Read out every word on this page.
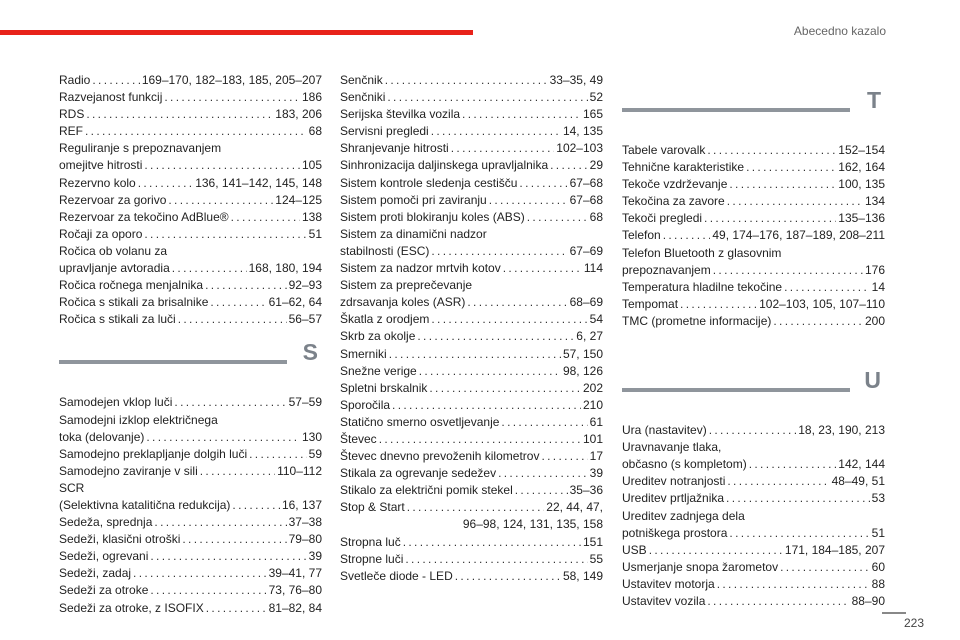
Abecedno kazalo
Radio . . .	169–170, 182–183, 185, 205–207
Razvejanost funkcij . . .	186
RDS . . .	183, 206
REF . . .	68
Reguliranje s prepoznavanjem
omejitve hitrosti . . .	105
Rezervno kolo . . .	136, 141–142, 145, 148
Rezervoar za gorivo . . .	124–125
Rezervoar za tekočino AdBlue® . . .	138
Ročaji za oporo . . .	51
Ročica ob volanu za
upravljanje avtoradia . . .	168, 180, 194
Ročica ročnega menjalnika . . .	92–93
Ročica s stikali za brisalnike . . .	61–62, 64
Ročica s stikali za luči . . .	56–57
S
Samodejen vklop luči . . .	57–59
Samodejni izklop električnega
toka (delovanje) . . .	130
Samodejno preklapljanje dolgih luči . . .	59
Samodejno zaviranje v sili . . .	110–112
SCR
(Selektivna katalitična redukcija) . . .	16, 137
Sedeža, sprednja . . .	37–38
Sedeži, klasični otroški . . .	79–80
Sedeži, ogrevani . . .	39
Sedeži, zadaj . . .	39–41, 77
Sedeži za otroke . . .	73, 76–80
Sedeži za otroke, z ISOFIX . . .	81–82, 84
Senčnik . . .	33–35, 49
Senčniki . . .	52
Serijska številka vozila . . .	165
Servisni pregledi . . .	14, 135
Shranjevanje hitrosti . . .	102–103
Sinhronizacija daljinskega upravljalnika . . .	29
Sistem kontrole sledenja cestišču . . .	67–68
Sistem pomoči pri zaviranju . . .	67–68
Sistem proti blokiranju koles (ABS) . . .	68
Sistem za dinamični nadzor
stabilnosti (ESC) . . .	67–69
Sistem za nadzor mrtvih kotov . . .	114
Sistem za preprečevanje
zdrsavanja koles (ASR) . . .	68–69
Škatla z orodjem . . .	54
Skrb za okolje . . .	6, 27
Smerniki . . .	57, 150
Snežne verige . . .	98, 126
Spletni brskalnik . . .	202
Sporočila . . .	210
Statično smerno osvetljevanje . . .	61
Števec . . .	101
Števec dnevno prevoženih kilometrov . . .	17
Stikala za ogrevanje sedežev . . .	39
Stikalo za električni pomik stekel . . .	35–36
Stop & Start . . .	22, 44, 47,
96–98, 124, 131, 135, 158
Stropna luč . . .	151
Stropne luči . . .	55
Svetleče diode - LED . . .	58, 149
T
Tabele varovalk . . .	152–154
Tehnične karakteristike . . .	162, 164
Tekoče vzdrževanje . . .	100, 135
Tekočina za zavore . . .	134
Tekoči pregledi . . .	135–136
Telefon . . .	49, 174–176, 187–189, 208–211
Telefon Bluetooth z glasovnim
prepoznavanjem . . .	176
Temperatura hladilne tekočine . . .	14
Tempomat . . .	102–103, 105, 107–110
TMC (prometne informacije) . . .	200
U
Ura (nastavitev) . . .	18, 23, 190, 213
Uravnavanje tlaka,
občasno (s kompletom) . . .	142, 144
Ureditev notranjosti . . .	48–49, 51
Ureditev prtljažnika . . .	53
Ureditev zadnjega dela
potniškega prostora . . .	51
USB . . .	171, 184–185, 207
Usmerjanje snopa žarometov . . .	60
Ustavitev motorja . . .	88
Ustavitev vozila . . .	88–90
223
